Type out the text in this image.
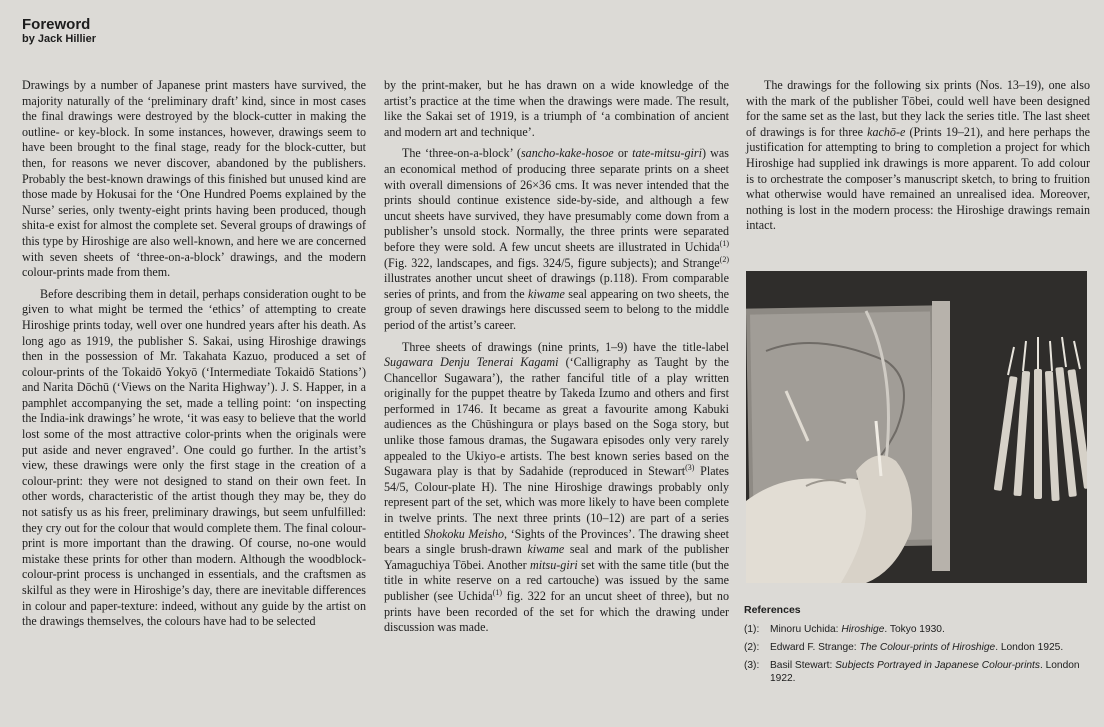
Foreword
by Jack Hillier

Drawings by a number of Japanese print masters have survived, the majority naturally of the ‘preliminary draft’ kind, since in most cases the final drawings were destroyed by the block-cutter in making the outline- or key-block. In some instances, however, drawings seem to have been brought to the final stage, ready for the block-cutter, but then, for reasons we never discover, abandoned by the publishers. Probably the best-known drawings of this finished but unused kind are those made by Hokusai for the ‘One Hundred Poems explained by the Nurse’ series, only twenty-eight prints having been produced, though shita-e exist for almost the complete set. Several groups of drawings of this type by Hiroshige are also well-known, and here we are concerned with seven sheets of ‘three-on-a-block’ drawings, and the modern colour-prints made from them.

Before describing them in detail, perhaps consideration ought to be given to what might be termed the ‘ethics’ of attempting to create Hiroshige prints today, well over one hundred years after his death. As long ago as 1919, the publisher S. Sakai, using Hiroshige drawings then in the possession of Mr. Takahata Kazuo, produced a set of colour-prints of the Tokaidō Yokyō (‘Intermediate Tokaidō Stations’) and Narita Dōchū (‘Views on the Narita Highway’). J. S. Happer, in a pamphlet accompanying the set, made a telling point: ‘on inspecting the India-ink drawings’ he wrote, ‘it was easy to believe that the world lost some of the most attractive color-prints when the originals were put aside and never engraved’. One could go further. In the artist’s view, these drawings were only the first stage in the creation of a colour-print: they were not designed to stand on their own feet. In other words, characteristic of the artist though they may be, they do not satisfy us as his freer, preliminary drawings, but seem unfulfilled: they cry out for the colour that would complete them. The final colour-print is more important than the drawing. Of course, no-one would mistake these prints for other than modern. Although the woodblock-colour-print process is unchanged in essentials, and the craftsmen as skilful as they were in Hiroshige’s day, there are inevitable differences in colour and paper-texture: indeed, without any guide by the artist on the drawings themselves, the colours have had to be selected

by the print-maker, but he has drawn on a wide knowledge of the artist’s practice at the time when the drawings were made. The result, like the Sakai set of 1919, is a triumph of ‘a combination of ancient and modern art and technique’.

The ‘three-on-a-block’ (sancho-kake-hosoe or tate-mitsu-giri) was an economical method of producing three separate prints on a sheet with overall dimensions of 26×36 cms. It was never intended that the prints should continue existence side-by-side, and although a few uncut sheets have survived, they have presumably come down from a publisher’s unsold stock. Normally, the three prints were separated before they were sold. A few uncut sheets are illustrated in Uchida$^{(1)}$ (Fig. 322, landscapes, and figs. 324/5, figure subjects); and Strange$^{(2)}$ illustrates another uncut sheet of drawings (p.118). From comparable series of prints, and from the kiwame seal appearing on two sheets, the group of seven drawings here discussed seem to belong to the middle period of the artist’s career.

Three sheets of drawings (nine prints, 1–9) have the title-label Sugawara Denju Tenerai Kagami (‘Calligraphy as Taught by the Chancellor Sugawara’), the rather fanciful title of a play written originally for the puppet theatre by Takeda Izumo and others and first performed in 1746. It became as great a favourite among Kabuki audiences as the Chūshingura or plays based on the Soga story, but unlike those famous dramas, the Sugawara episodes only very rarely appealed to the Ukiyo-e artists. The best known series based on the Sugawara play is that by Sadahide (reproduced in Stewart$^{(3)}$ Plates 54/5, Colour-plate H). The nine Hiroshige drawings probably only represent part of the set, which was more likely to have been complete in twelve prints. The next three prints (10–12) are part of a series entitled Shokoku Meisho, ‘Sights of the Provinces’. The drawing sheet bears a single brush-drawn kiwame seal and mark of the publisher Yamaguchiya Tōbei. Another mitsu-giri set with the same title (but the title in white reserve on a red cartouche) was issued by the same publisher (see Uchida$^{(1)}$ fig. 322 for an uncut sheet of three), but no prints have been recorded of the set for which the drawing under discussion was made.

The drawings for the following six prints (Nos. 13–19), one also with the mark of the publisher Tōbei, could well have been designed for the same set as the last, but they lack the series title. The last sheet of drawings is for three kachō-e (Prints 19–21), and here perhaps the justification for attempting to bring to completion a project for which Hiroshige had supplied ink drawings is more apparent. To add colour is to orchestrate the composer’s manuscript sketch, to bring to fruition what otherwise would have remained an unrealised idea. Moreover, nothing is lost in the modern process: the Hiroshige drawings remain intact.

References
(1):	Minoru Uchida: Hiroshige. Tokyo 1930.
(2):	Edward F. Strange: The Colour-prints of Hiroshige. London 1925.
(3):	Basil Stewart: Subjects Portrayed in Japanese Colour-prints. London 1922.
